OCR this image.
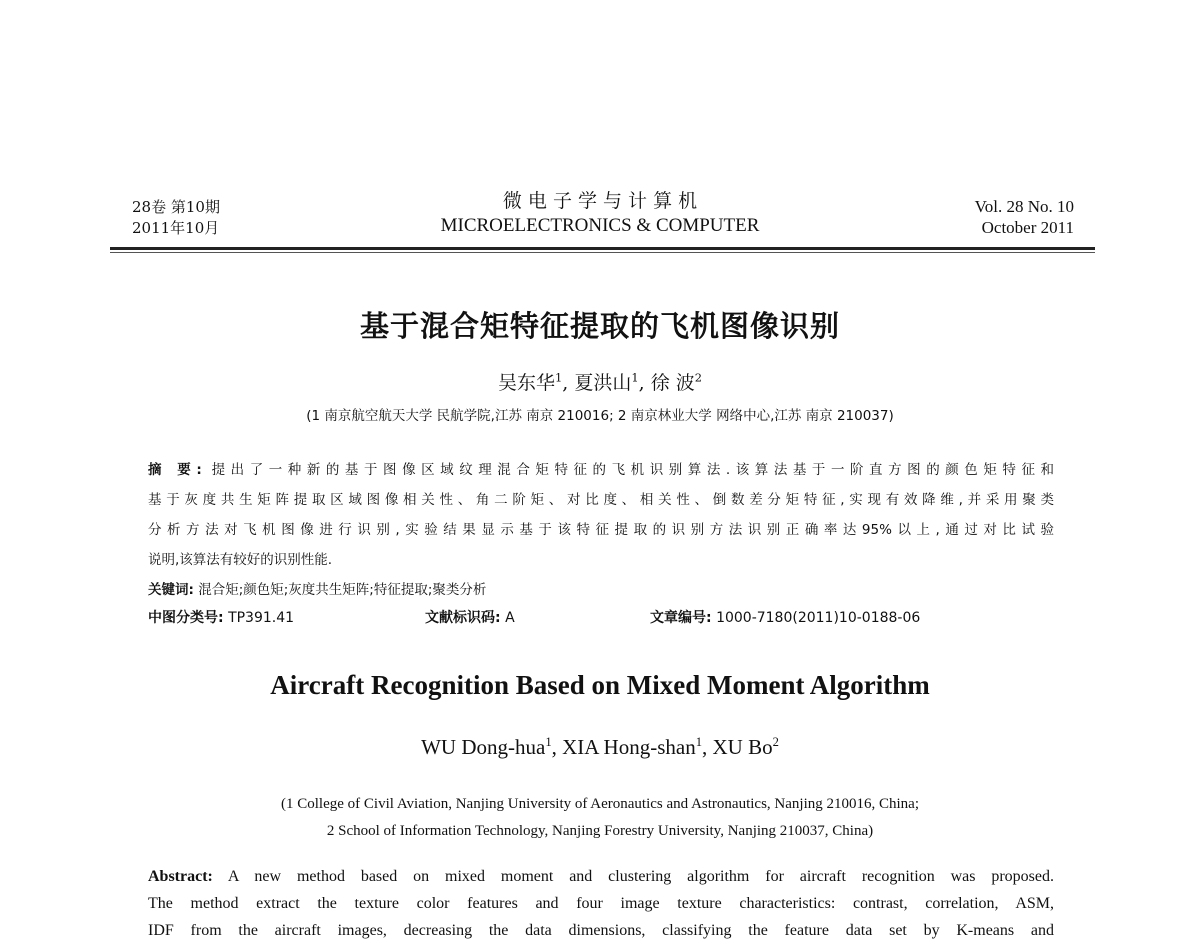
28卷 第10期
2011年10月
微 电 子 学 与 计 算 机
MICROELECTRONICS & COMPUTER
Vol. 28 No. 10
October 2011
基于混合矩特征提取的飞机图像识别
吴东华$^1$, 夏洪山$^1$, 徐 波$^2$
(1 南京航空航天大学 民航学院,江苏 南京 210016; 2 南京林业大学 网络中心,江苏 南京 210037)
摘 要: 提出了一种新的基于图像区域纹理混合矩特征的飞机识别算法.该算法基于一阶直方图的颜色矩特征和
基于灰度共生矩阵提取区域图像相关性、角二阶矩、对比度、相关性、倒数差分矩特征,实现有效降维,并采用聚类
分析方法对飞机图像进行识别,实验结果显示基于该特征提取的识别方法识别正确率达95%以上,通过对比试验
说明,该算法有较好的识别性能.
关键词: 混合矩;颜色矩;灰度共生矩阵;特征提取;聚类分析
中图分类号: TP391.41	文献标识码: A	文章编号: 1000-7180(2011)10-0188-06
Aircraft Recognition Based on Mixed Moment Algorithm
WU Dong-hua$^1$, XIA Hong-shan$^1$, XU Bo$^2$
(1 College of Civil Aviation, Nanjing University of Aeronautics and Astronautics, Nanjing 210016, China;
2 School of Information Technology, Nanjing Forestry University, Nanjing 210037, China)
Abstract: A new method based on mixed moment and clustering algorithm for aircraft recognition was proposed.
The method extract the texture color features and four image texture characteristics: contrast, correlation, ASM,
IDF from the aircraft images, decreasing the data dimensions, classifying the feature data set by K-means and
